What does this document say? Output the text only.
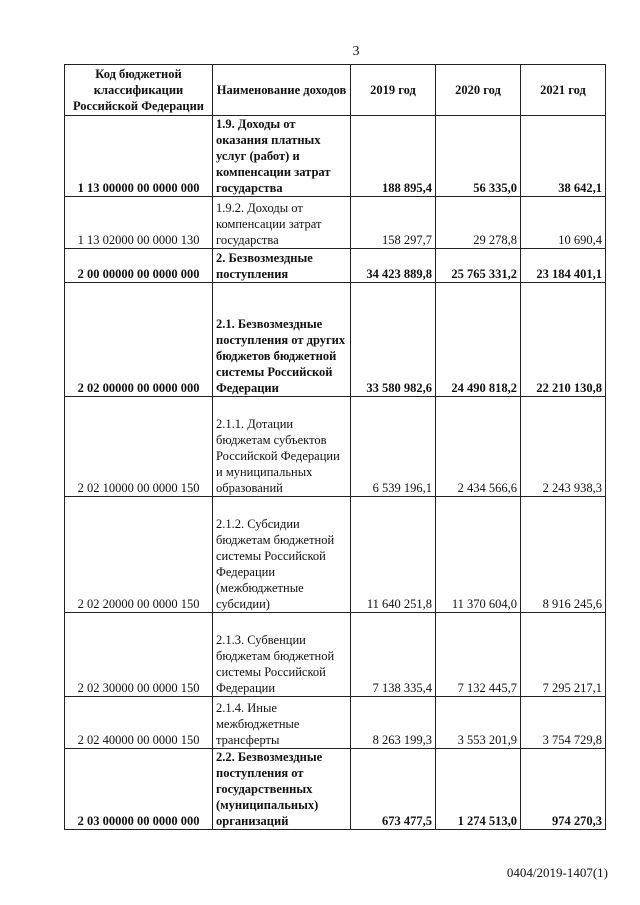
3
Код бюджетной классификации Российской Федерации	Наименование доходов	2019 год	2020 год	2021 год
1 13 00000 00 0000 000	1.9. Доходы от оказания платных услуг (работ) и компенсации затрат государства	188 895,4	56 335,0	38 642,1
1 13 02000 00 0000 130	1.9.2. Доходы от компенсации затрат государства	158 297,7	29 278,8	10 690,4
2 00 00000 00 0000 000	2. Безвозмездные поступления	34 423 889,8	25 765 331,2	23 184 401,1
2 02 00000 00 0000 000	2.1. Безвозмездные поступления от других бюджетов бюджетной системы Российской Федерации	33 580 982,6	24 490 818,2	22 210 130,8
2 02 10000 00 0000 150	2.1.1. Дотации бюджетам субъектов Российской Федерации и муниципальных образований	6 539 196,1	2 434 566,6	2 243 938,3
2 02 20000 00 0000 150	2.1.2. Субсидии бюджетам бюджетной системы Российской Федерации (межбюджетные субсидии)	11 640 251,8	11 370 604,0	8 916 245,6
2 02 30000 00 0000 150	2.1.3. Субвенции бюджетам бюджетной системы Российской Федерации	7 138 335,4	7 132 445,7	7 295 217,1
2 02 40000 00 0000 150	2.1.4. Иные межбюджетные трансферты	8 263 199,3	3 553 201,9	3 754 729,8
2 03 00000 00 0000 000	2.2. Безвозмездные поступления от государственных (муниципальных) организаций	673 477,5	1 274 513,0	974 270,3
0404/2019-1407(1)
